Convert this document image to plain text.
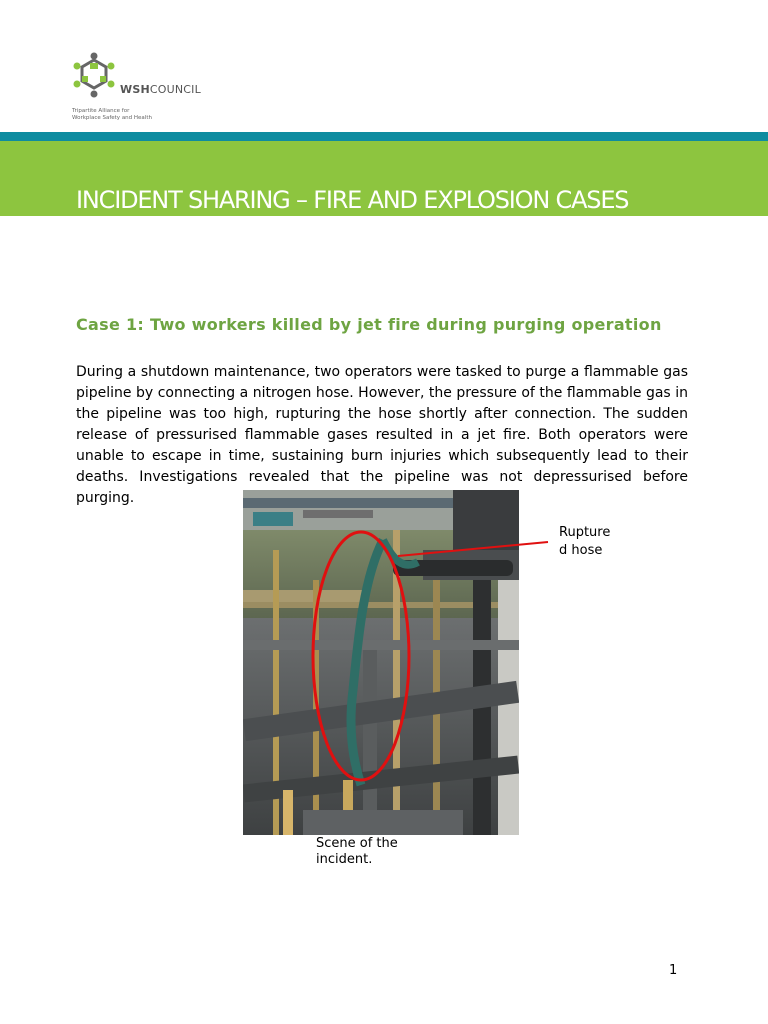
WSHCOUNCIL
Tripartite Alliance for
Workplace Safety and Health
INCIDENT SHARING – FIRE AND EXPLOSION CASES
Case 1: Two workers killed by jet fire during purging operation

During a shutdown maintenance, two operators were tasked to purge a flammable gas pipeline by connecting a nitrogen hose. However, the pressure of the flammable gas in the pipeline was too high, rupturing the hose shortly after connection. The sudden release of pressurised flammable gases resulted in a jet fire. Both operators were unable to escape in time, sustaining burn injuries which subsequently lead to their deaths. Investigations revealed that the pipeline was not depressurised before purging.

Rupture
d hose
Scene of the
incident.
1
